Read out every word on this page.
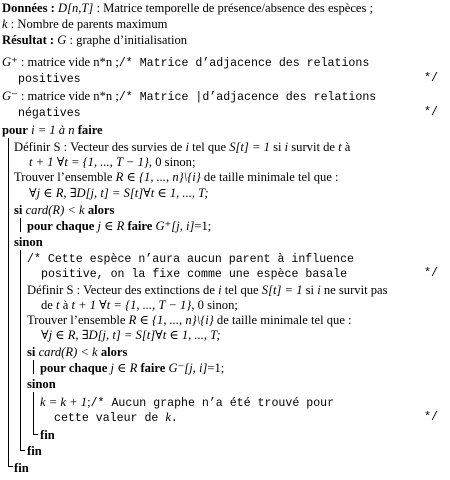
Données : D[n,T] : Matrice temporelle de présence/absence des espèces ;
k : Nombre de parents maximum
Résultat : G : graphe d’initialisation
G⁺ : matrice vide n*n ;/* Matrice d’adjacence des relations
positives	*/
G⁻ : matrice vide n*n ;/* Matrice |d’adjacence des relations
négatives	*/
pour i = 1 à n faire
Définir S : Vecteur des survies de i tel que S[t] = 1 si i survit de t à
t + 1 ∀t = {1, ..., T − 1}, 0 sinon;
Trouver l’ensemble R ∈ {1, ..., n}\{i} de taille minimale tel que :
∀j ∈ R, ∃D[j, t] = S[t]∀t ∈ 1, ..., T;
si card(R) < k alors
pour chaque j ∈ R faire G⁺[j, i]=1;
sinon
/* Cette espèce n’aura aucun parent à influence
positive, on la fixe comme une espèce basale	*/
Définir S : Vecteur des extinctions de i tel que S[t] = 1 si i ne survit pas
de t à t + 1 ∀t = {1, ..., T − 1}, 0 sinon;
Trouver l’ensemble R ∈ {1, ..., n}\{i} de taille minimale tel que :
∀j ∈ R, ∃D[j, t] = S[t]∀t ∈ 1, ..., T;
si card(R) < k alors
pour chaque j ∈ R faire G⁻[j, i]=1;
sinon
k = k + 1;/* Aucun graphe n’a été trouvé pour
cette valeur de k.	*/
fin
fin
fin
